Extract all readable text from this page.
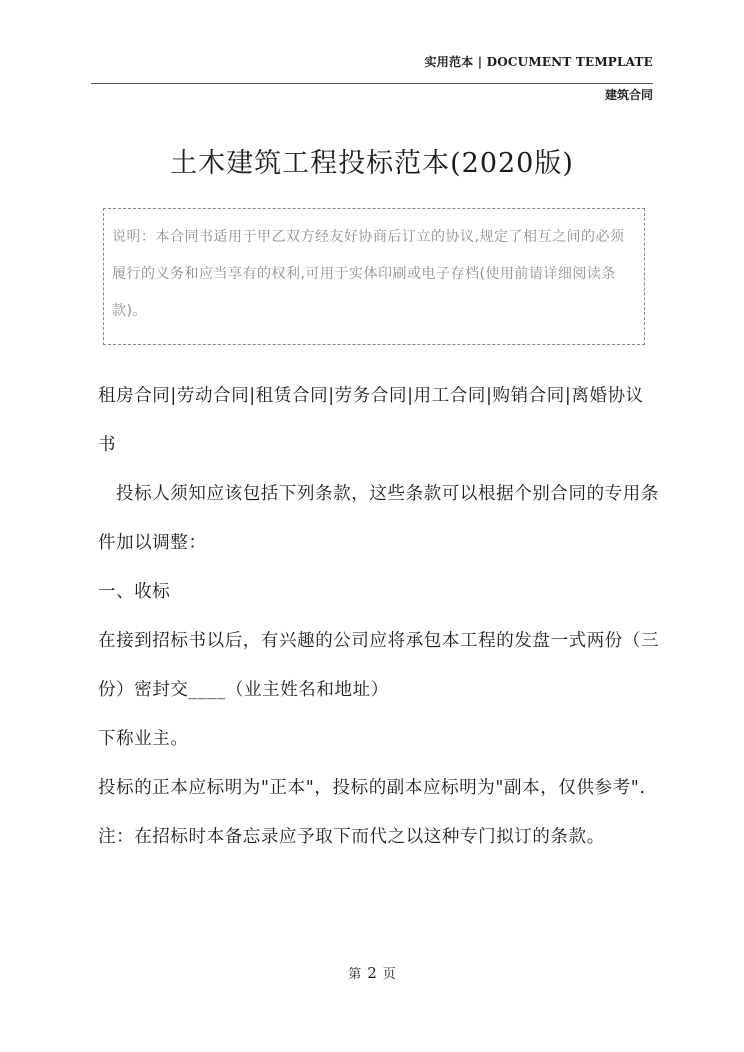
实用范本 | DOCUMENT TEMPLATE
建筑合同
土木建筑工程投标范本(2020版)
说明：本合同书适用于甲乙双方经友好协商后订立的协议,规定了相互之间的必须履行的义务和应当享有的权利,可用于实体印刷或电子存档(使用前请详细阅读条款)。

租房合同|劳动合同|租赁合同|劳务合同|用工合同|购销合同|离婚协议书

投标人须知应该包括下列条款，这些条款可以根据个别合同的专用条件加以调整：

一、收标

在接到招标书以后，有兴趣的公司应将承包本工程的发盘一式两份（三份）密封交____（业主姓名和地址）

下称业主。

投标的正本应标明为"正本"，投标的副本应标明为"副本，仅供参考".

注：在招标时本备忘录应予取下而代之以这种专门拟订的条款。

第 2 页
